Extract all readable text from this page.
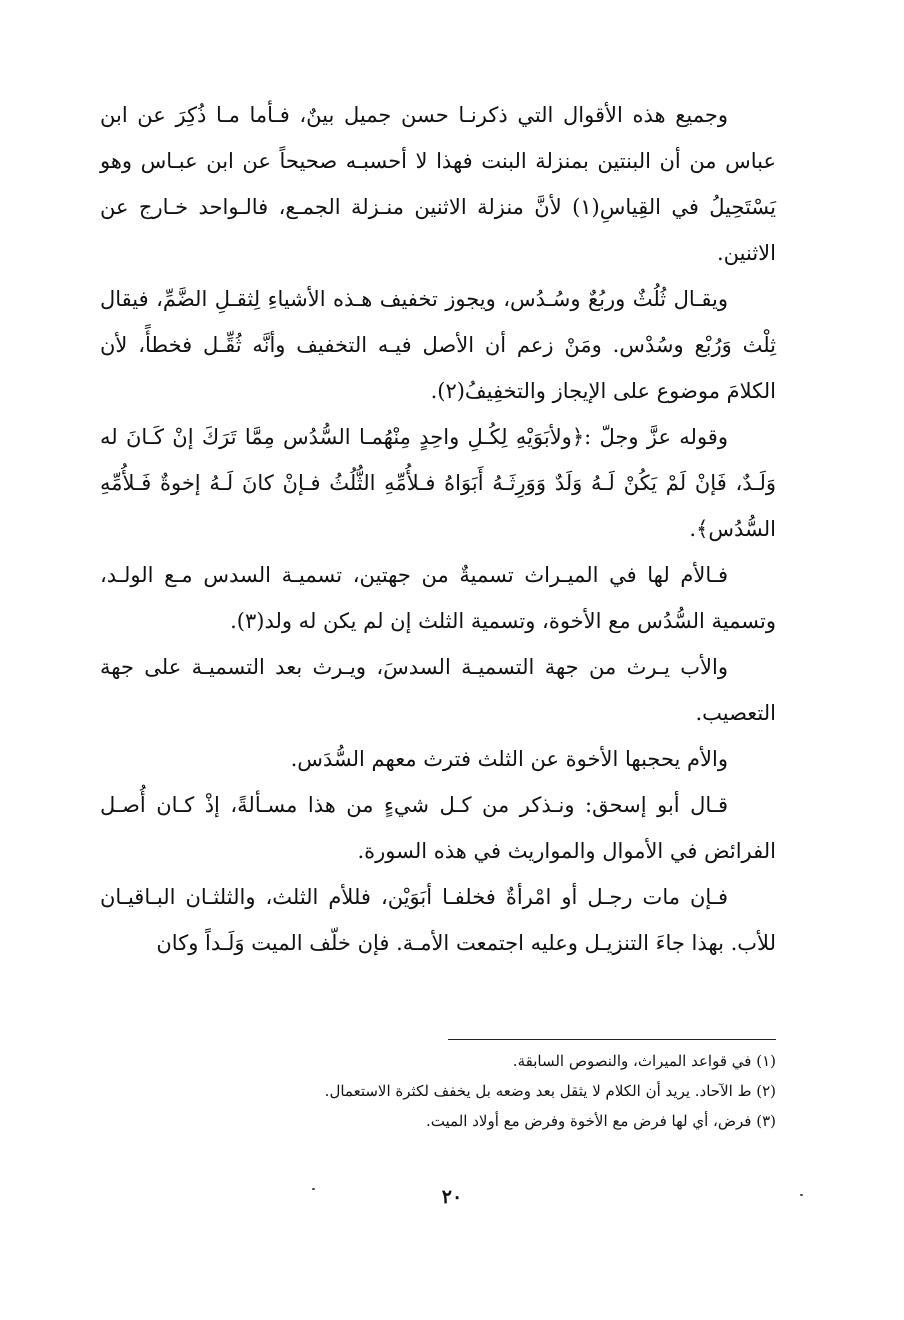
وجميع هذه الأقوال التي ذكرنـا حسن جميل بينٌ، فـأما مـا ذُكِرَ عن ابن عباس من أن البنتين بمنزلة البنت فهذا لا أحسبـه صحيحاً عن ابن عبـاس وهو يَسْتَحِيلُ في القِياسِ(١) لأنَّ منزلة الاثنين منـزلة الجمـع، فالـواحد خـارج عن الاثنين.

ويقـال ثُلُثٌ وربُعٌ وسُـدُس، ويجوز تخفيف هـذه الأشياءِ لِثقـلِ الضَّمِّ، فيقال ثِلْث وَرُبْع وسُدْس. ومَنْ زعم أن الأصل فيـه التخفيف وأنَّه ثُقِّـل فخطأً، لأن الكلامَ موضوع على الإيجاز والتخفِيفُ(٢).

وقوله عزَّ وجلّ :﴿ولأبَوَيْهِ لِكُـلِ واحِدٍ مِنْهُمـا السُّدُس مِمَّا تَرَكَ إنْ كَـانَ له وَلَـدٌ، فَإنْ لَمْ يَكُنْ لَـهُ وَلَدٌ وَوَرِثَـهُ أَبَوَاهُ فـلأُمِّهِ الثُّلُثُ فـإنْ كانَ لَـهُ إخوةٌ فَـلأُمِّهِ السُّدُس﴾.

فـالأم لها في الميـراث تسميةٌ من جهتين، تسميـة السدس مـع الولـد، وتسمية السُّدُس مع الأخوة، وتسمية الثلث إن لم يكن له ولد(٣).

والأب يـرث من جهة التسميـة السدسَ، ويـرث بعد التسميـة على جهة التعصيب.

والأم يحجبها الأخوة عن الثلث فترث معهم السُّدَس.

قـال أبو إسحق: ونـذكر من كـل شيءٍ من هذا مسـألةً، إذْ كـان أُصـل الفرائض في الأموال والمواريث في هذه السورة.

فـإن مات رجـل أو امْرأةٌ فخلفـا أبَوَيْن، فللأم الثلث، والثلثـان البـاقيـان للأب. بهذا جاءَ التنزيـل وعليه اجتمعت الأمـة. فإن خلّف الميت وَلَـداً وكان

(١) في قواعد الميراث، والنصوص السابقة.

(٢) ط الآحاد. يريد أن الكلام لا يثقل بعد وضعه بل يخفف لكثرة الاستعمال.

(٣) فرض، أي لها فرض مع الأخوة وفرض مع أولاد الميت.

٢٠
